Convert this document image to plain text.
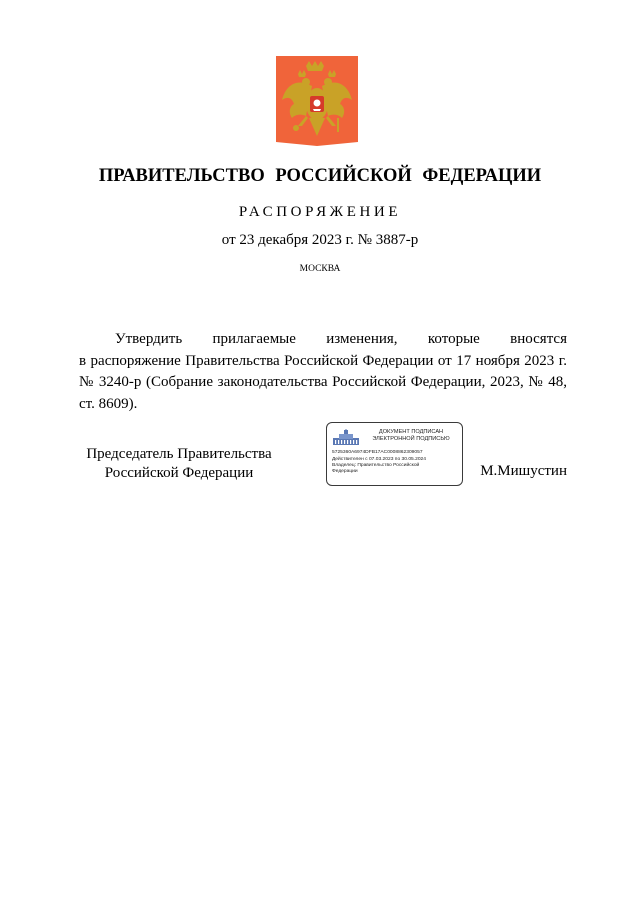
ПРАВИТЕЛЬСТВО РОССИЙСКОЙ ФЕДЕРАЦИИ
РАСПОРЯЖЕНИЕ
от 23 декабря 2023 г. № 3887-р
МОСКВА
Утвердить прилагаемые изменения, которые вносятся
в распоряжение Правительства Российской Федерации от 17 ноября 2023 г.
№ 3240-р (Собрание законодательства Российской Федерации, 2023, № 48,
ст. 8609).
Председатель Правительства
Российской Федерации
ДОКУМЕНТ ПОДПИСАН
ЭЛЕКТРОННОЙ ПОДПИСЬЮ
5725360A6974DFB17AC0008862309057
Действителен с 07.03.2023 по 30.05.2024
Владелец: Правительство Российской
Федерации	М.Мишустин
